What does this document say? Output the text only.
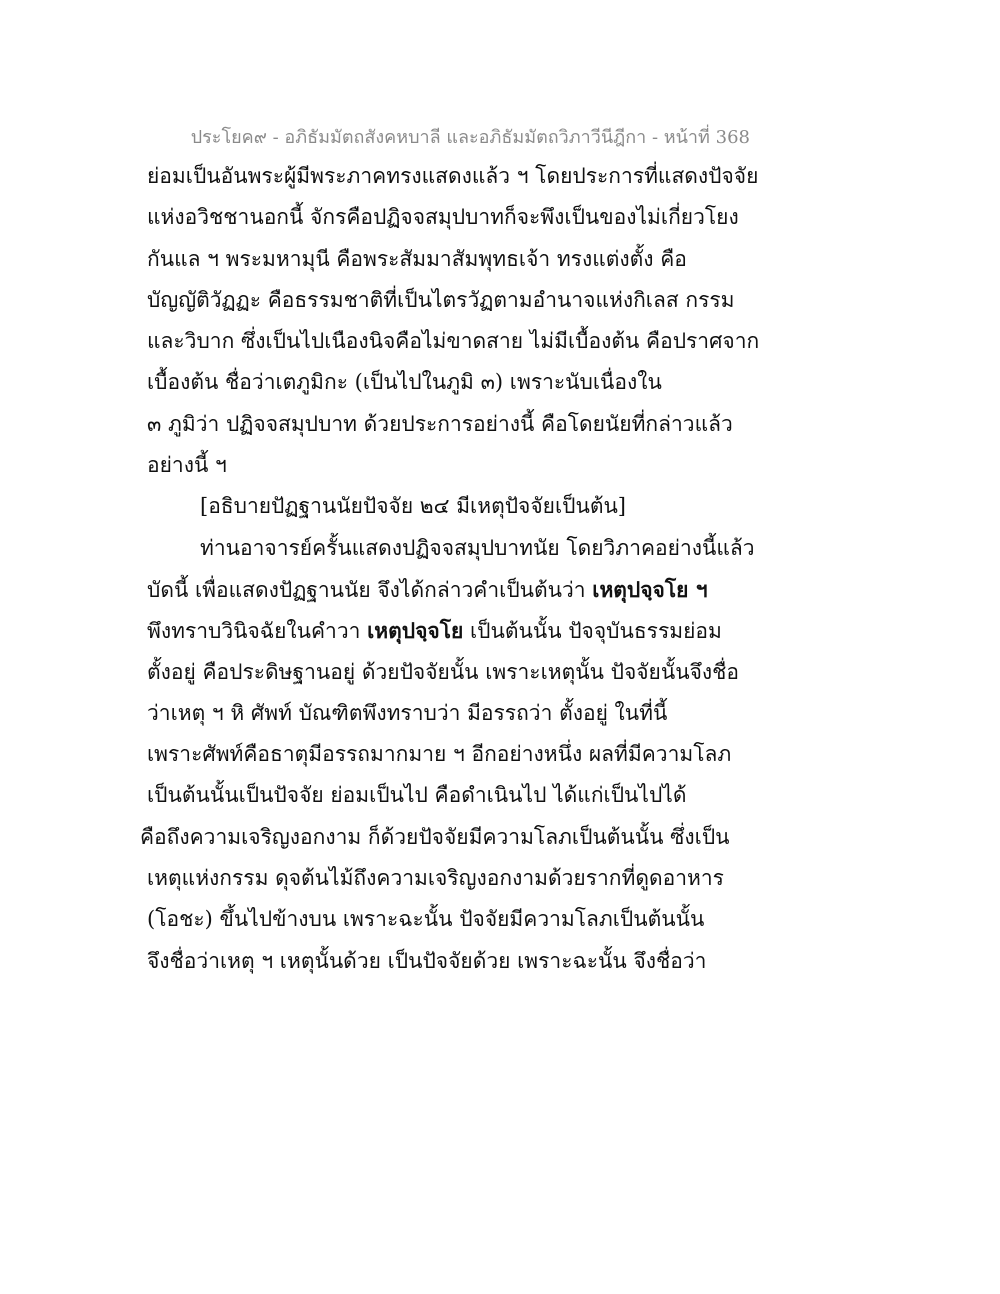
ประโยค๙ - อภิธัมมัตถสังคหบาลี และอภิธัมมัตถวิภาวีนีฎีกา - หน้าที่ 368
ย่อมเป็นอันพระผู้มีพระภาคทรงแสดงแล้ว ฯ โดยประการที่แสดงปัจจัย
แห่งอวิชชานอกนี้ จักรคือปฏิจจสมุปบาทก็จะพึงเป็นของไม่เกี่ยวโยง
กันแล ฯ พระมหามุนี คือพระสัมมาสัมพุทธเจ้า ทรงแต่งตั้ง คือ
บัญญัติวัฏฏะ คือธรรมชาติที่เป็นไตรวัฏตามอำนาจแห่งกิเลส กรรม
และวิบาก ซึ่งเป็นไปเนืองนิจคือไม่ขาดสาย ไม่มีเบื้องต้น คือปราศจาก
เบื้องต้น ชื่อว่าเตภูมิกะ (เป็นไปในภูมิ ๓) เพราะนับเนื่องใน
๓ ภูมิว่า ปฏิจจสมุปบาท ด้วยประการอย่างนี้ คือโดยนัยที่กล่าวแล้ว
อย่างนี้ ฯ
[อธิบายปัฏฐานนัยปัจจัย ๒๔ มีเหตุปัจจัยเป็นต้น]
ท่านอาจารย์ครั้นแสดงปฏิจจสมุปบาทนัย โดยวิภาคอย่างนี้แล้ว
บัดนี้ เพื่อแสดงปัฏฐานนัย จึงได้กล่าวคำเป็นต้นว่า เหตุปจฺจโย ฯ
พึงทราบวินิจฉัยในคำวา เหตุปจฺจโย เป็นต้นนั้น ปัจจุบันธรรมย่อม
ตั้งอยู่ คือประดิษฐานอยู่ ด้วยปัจจัยนั้น เพราะเหตุนั้น ปัจจัยนั้นจึงชื่อ
ว่าเหตุ ฯ หิ ศัพท์ บัณฑิตพึงทราบว่า มีอรรถว่า ตั้งอยู่ ในที่นี้
เพราะศัพท์คือธาตุมีอรรถมากมาย ฯ อีกอย่างหนึ่ง ผลที่มีความโลภ
เป็นต้นนั้นเป็นปัจจัย ย่อมเป็นไป คือดำเนินไป ได้แก่เป็นไปได้
คือถึงความเจริญงอกงาม ก็ด้วยปัจจัยมีความโลภเป็นต้นนั้น ซึ่งเป็น
เหตุแห่งกรรม ดุจต้นไม้ถึงความเจริญงอกงามด้วยรากที่ดูดอาหาร
(โอชะ) ขึ้นไปข้างบน เพราะฉะนั้น ปัจจัยมีความโลภเป็นต้นนั้น
จึงชื่อว่าเหตุ ฯ เหตุนั้นด้วย เป็นปัจจัยด้วย เพราะฉะนั้น จึงชื่อว่า
